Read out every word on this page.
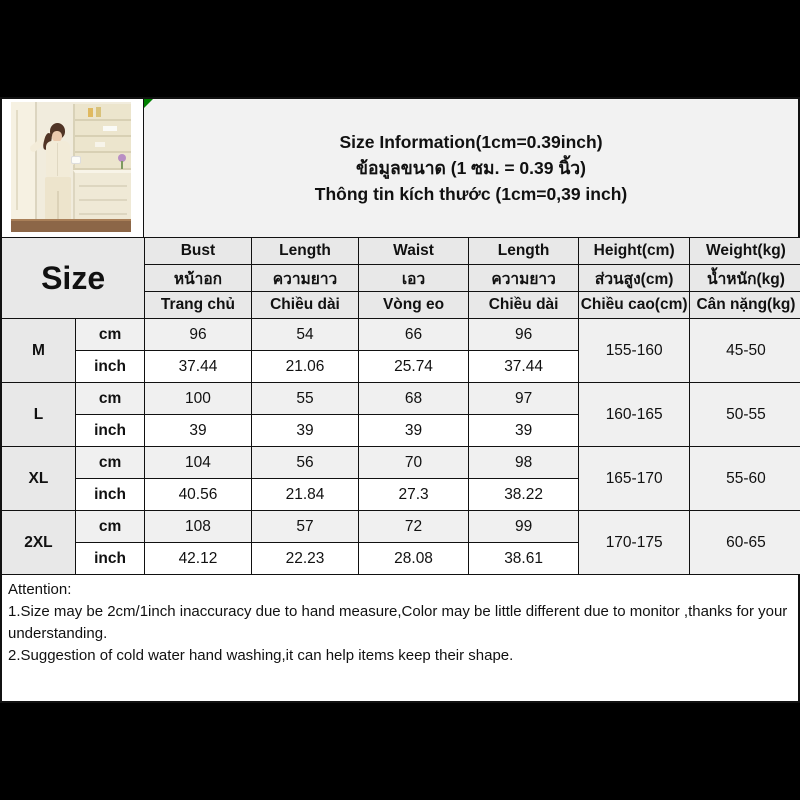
Size Information(1cm=0.39inch)
ข้อมูลขนาด (1 ซม. = 0.39 นิ้ว)
Thông tin kích thước (1cm=0,39 inch)
Size		Bust	Length	Waist	Length	Height(cm)	Weight(kg)
		หน้าอก	ความยาว	เอว	ความยาว	ส่วนสูง(cm)	น้ำหนัก(kg)
		Trang chủ	Chiều dài	Vòng eo	Chiều dài	Chiều cao(cm)	Cân nặng(kg)
M	cm	96	54	66	96	155-160	45-50
	inch	37.44	21.06	25.74	37.44		
L	cm	100	55	68	97	160-165	50-55
	inch	39	39	39	39		
XL	cm	104	56	70	98	165-170	55-60
	inch	40.56	21.84	27.3	38.22		
2XL	cm	108	57	72	99	170-175	60-65
	inch	42.12	22.23	28.08	38.61		
Attention:
1.Size may be 2cm/1inch inaccuracy due to hand measure,Color may be little different due to monitor ,thanks for your understanding.
2.Suggestion of cold water hand washing,it can help items keep their shape.
